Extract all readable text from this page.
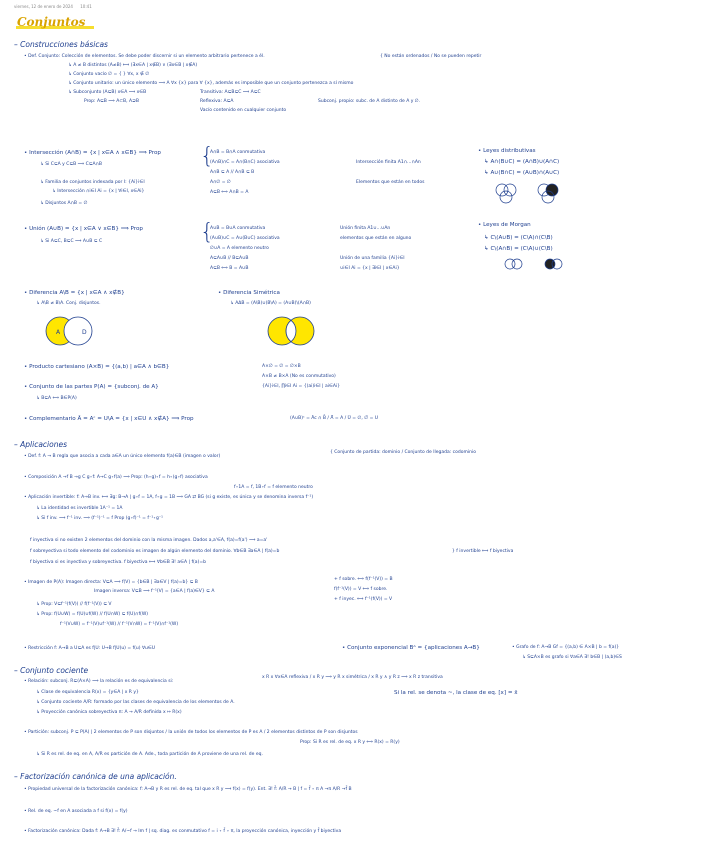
viernes, 12 de enero de 2024 10:41
Conjuntos
– Construcciones básicas
• Def. Conjunto: Colección de elementos. Se debe poder discernir si un elemento arbitrario pertenece a él.	{ No están ordenados / No se pueden repetir
↳ A ≠ B distintos (A≠B) ⟺ (∃x∈A | x∉B) ∨ (∃x∈B | x∉A)
↳ Conjunto vacío ∅ = { } ∀x, x ∉ ∅
↳ Conjunto unitario: un único elemento ⟹ A ∀x {x} para ∀ {x}, además es imposible que un conjunto pertenezca a sí mismo
↳ Subconjunto (A⊆B) x∈A ⟹ x∈B
Prop: A⊆B ⟹ A⊂B, A⊇B
Transitiva: A⊆B⊆C ⟹ A⊆C
Reflexiva: A⊆A
Vacío contenido en cualquier conjunto
Subconj. propio: subc. de A distinto de A y ∅.
• Intersección (A∩B) = {x | x∈A ∧ x∈B} ⟹ Prop
↳ Si C⊆A y C⊆B ⟹ C⊆A∩B
↳ Familia de conjuntos indexada por I: {Ai}i∈I
↳ Intersección ∩i∈I Ai = {x | ∀i∈I, x∈Ai}
↳ Disjuntos A∩B = ∅
{
A∩B = B∩A conmutativa
(A∩B)∩C = A∩(B∩C) asociativa
A∩B ⊆ A // A∩B ⊆ B
A∩∅ = ∅
A⊆B ⟺ A∩B = A
Intersección finita A1∩…∩An
Elementos que están en todos
• Leyes distributivas
↳ A∩(B∪C) = (A∩B)∪(A∩C)
↳ A∪(B∩C) = (A∪B)∩(A∪C)
• Unión (A∪B) = {x | x∈A ∨ x∈B} ⟹ Prop
↳ Si A⊆C, B⊆C ⟹ A∪B ⊆ C	{
A∪B = B∪A conmutativa
(A∪B)∪C = A∪(B∪C) asociativa
∅∪A = A elemento neutro
A⊆A∪B // B⊆A∪B
A⊆B ⟺ B = A∪B
Unión finita A1∪…∪An
elementos que están en alguno
Unión de una familia {Ai}i∈I
∪i∈I Ai = {x | ∃i∈I | x∈Ai}
• Leyes de Morgan
↳ C\(A∪B) = (C\A)∩(C\B)
↳ C\(A∩B) = (C\A)∪(C\B)
• Diferencia A\B = {x | x∈A ∧ x∉B}
↳ A\B ≠ B\A. Conj. disjuntos.
• Diferencia Simétrica
↳ AΔB = (A\B)∪(B\A) = (A∪B)\(A∩B)
A	D
• Producto cartesiano (A×B) = {(a,b) | a∈A ∧ b∈B}	A×∅ = ∅ = ∅×B
A×B ≠ B×A (No es conmutativo)
{Ai}i∈I, ∏i∈I Ai = {(ai)i∈I | ai∈Ai}
• Conjunto de las partes P(A) = {subconj. de A}
↳ B⊆A ⟺ B∈P(A)
• Complementario Ā = Aᶜ = U\A = {x | x∈U ∧ x∉A} ⟹ Prop	(A∪B)ᶜ = Āc ∩ B̄ / Ā̄ = A / Ū = ∅, ∅̄ = U
– Aplicaciones
• Def. f: A → B regla que asocia a cada a∈A un único elemento f(a)∈B (imagen o valor)
{ Conjunto de partida: dominio / Conjunto de llegada: codominio
• Composición A →f B →g C g∘f: A→C g∘f(a) ⟹ Prop: (h∘g)∘f = h∘(g∘f) asociativa
f∘1A = f, 1B∘f = f elemento neutro
• Aplicación invertible: f: A→B inv. ⟺ ∃g: B→A | g∘f = 1A, f∘g = 1B ⟹ GA ⇄ BG (si g existe, es única y se denomina inversa f⁻¹)
↳ La identidad es invertible 1A⁻¹ = 1A
↳ Si f inv. ⟹ f⁻¹ inv. ⟹ (f⁻¹)⁻¹ = f Prop (g∘f)⁻¹ = f⁻¹∘g⁻¹
f inyectiva si no existen 2 elementos del dominio con la misma imagen. Dados a,a'∈A, f(a)=f(a') ⟹ a=a'
f sobreyectiva si todo elemento del codominio es imagen de algún elemento del dominio. ∀b∈B ∃a∈A | f(a)=b
f biyectiva si es inyectiva y sobreyectiva. f biyectiva ⟺ ∀b∈B ∃! a∈A | f(a)=b
} f invertible ⟺ f biyectiva
• Imagen de P(A): Imagen directa: V⊆A ⟹ f(V) = {b∈B | ∃a∈V | f(a)=b} ⊆ B
Imagen inversa: V⊆B ⟹ f⁻¹(V) = {a∈A | f(a)∈V} ⊆ A
↳ Prop: V⊆f⁻¹(f(V)) // f(f⁻¹(V)) ⊆ V
↳ Prop: f(U∪W) = f(U)∪f(W) // f(U∩W) ⊆ f(U)∩f(W)
f⁻¹(V∪W) = f⁻¹(V)∪f⁻¹(W) // f⁻¹(V∩W) = f⁻¹(V)∩f⁻¹(W)
+ f sobre. ⟺ f(f⁻¹(V)) = B
f(f⁻¹(V)) = V ⟺ f sobre.
+ f inyec. ⟺ f⁻¹(f(V)) = V
• Restricción f: A→B a U⊆A es f|U: U→B f|U(u) = f(u) ∀u∈U	• Conjunto exponencial Bᴬ = {aplicaciones A→B}	• Grafo de f: A→B Gf = {(a,b) ∈ A×B | b = f(a)}
↳ S⊆A×B es grafo si ∀a∈A ∃! b∈B | (a,b)∈S
– Conjunto cociente
• Relación: subconj. R⊆(A×A) ⟹ la relación es de equivalencia si:
x R x ∀x∈A reflexiva / x R y ⟹ y R x simétrica / x R y ∧ y R z ⟹ x R z transitiva
↳ Clase de equivalencia R(x) = {y∈A | x R y}
↳ Conjunto cociente A/R: formado por las clases de equivalencia de los elementos de A.
↳ Proyección canónica sobreyectiva π: A → A/R definida x ↦ R(x)
Si la rel. se denota ~, la clase de eq. [x] = x̄
• Partición: subconj. P ⊆ P(A) | 2 elementos de P son disjuntos / la unión de todos los elementos de P es A / 2 elementos distintos de P son disjuntos
Prop: Si R es rel. de eq. x R y ⟺ R(x) = R(y)
↳ Si R es rel. de eq. en A, A/R es partición de A. Ade., toda partición de A proviene de una rel. de eq.
– Factorización canónica de una aplicación.
• Propiedad universal de la factorización canónica: f: A→B y R es rel. de eq. tal que x R y ⟹ f(x) = f(y). Ent. ∃! f̄: A/R → B | f = f̄ ∘ π A →π A/R →f̄ B
• Rel. de eq. ~f en A asociada a f si f(x) = f(y)
• Factorización canónica: Dada f: A→B ∃! f̄: A/~f → Im f | sq. diag. es conmutativo f = i ∘ f̄ ∘ π, la proyección canónica, inyección y f̄ biyectiva
